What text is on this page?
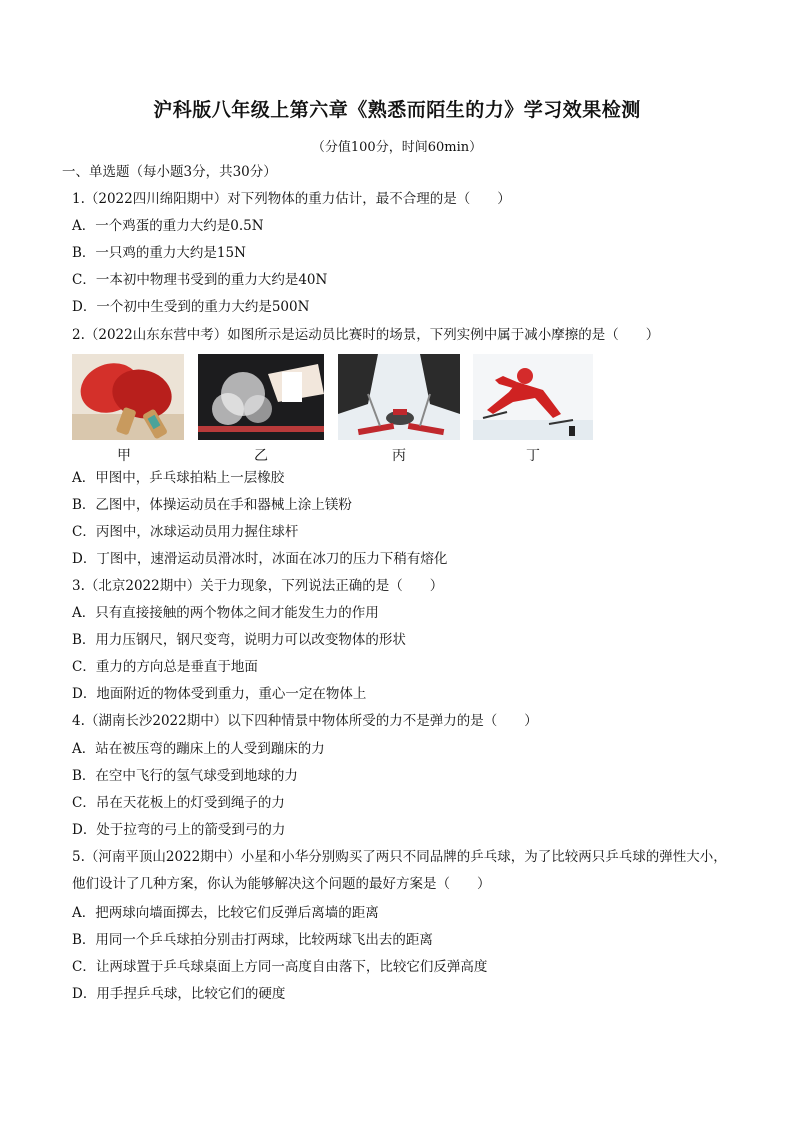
沪科版八年级上第六章《熟悉而陌生的力》学习效果检测
（分值100分，时间60min）
一、单选题（每小题3分，共30分）
1.（2022四川绵阳期中）对下列物体的重力估计，最不合理的是（　　）
A．一个鸡蛋的重力大约是0.5N
B．一只鸡的重力大约是15N
C．一本初中物理书受到的重力大约是40N
D．一个初中生受到的重力大约是500N
2.（2022山东东营中考）如图所示是运动员比赛时的场景，下列实例中属于减小摩擦的是（　　）
甲	乙	丙	丁
A．甲图中，乒乓球拍粘上一层橡胶
B．乙图中，体操运动员在手和器械上涂上镁粉
C．丙图中，冰球运动员用力握住球杆
D．丁图中，速滑运动员滑冰时，冰面在冰刀的压力下稍有熔化
3.（北京2022期中）关于力现象，下列说法正确的是（　　）
A．只有直接接触的两个物体之间才能发生力的作用
B．用力压钢尺，钢尺变弯，说明力可以改变物体的形状
C．重力的方向总是垂直于地面
D．地面附近的物体受到重力，重心一定在物体上
4.（湖南长沙2022期中）以下四种情景中物体所受的力不是弹力的是（　　）
A．站在被压弯的蹦床上的人受到蹦床的力
B．在空中飞行的氢气球受到地球的力
C．吊在天花板上的灯受到绳子的力
D．处于拉弯的弓上的箭受到弓的力
5.（河南平顶山2022期中）小星和小华分别购买了两只不同品牌的乒乓球，为了比较两只乒乓球的弹性大小，他们设计了几种方案，你认为能够解决这个问题的最好方案是（　　）
A．把两球向墙面掷去，比较它们反弹后离墙的距离
B．用同一个乒乓球拍分别击打两球，比较两球飞出去的距离
C．让两球置于乒乓球桌面上方同一高度自由落下，比较它们反弹高度
D．用手捏乒乓球，比较它们的硬度
